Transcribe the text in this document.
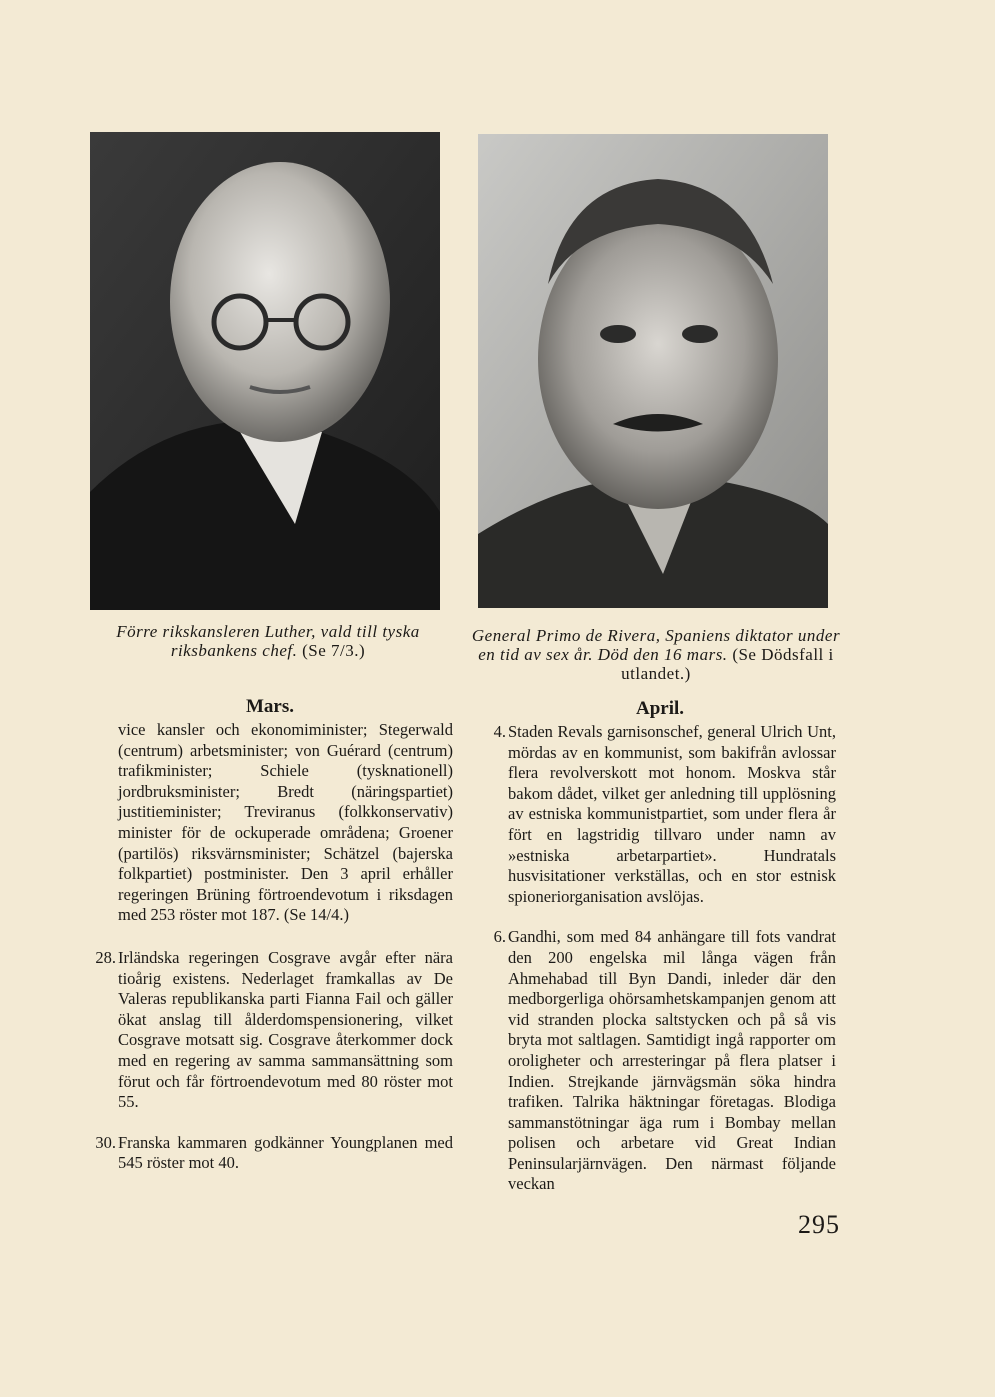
Förre rikskansleren Luther, vald till tyska riksbankens chef. (Se 7/3.)
General Primo de Rivera, Spaniens diktator under en tid av sex år. Död den 16 mars. (Se Dödsfall i utlandet.)
Mars.	April.
vice kansler och ekonomiminister; Stegerwald (centrum) arbetsminister; von Guérard (centrum) trafikminister; Schiele (tysknationell) jordbruksminister; Bredt (näringspartiet) justitieminister; Treviranus (folkkonservativ) minister för de ockuperade områdena; Groener (partilös) riksvärnsminister; Schätzel (bajerska folkpartiet) postminister. Den 3 april erhåller regeringen Brüning förtroendevotum i riksdagen med 253 röster mot 187. (Se 14/4.)
28. Irländska regeringen Cosgrave avgår efter nära tioårig existens. Nederlaget framkallas av De Valeras republikanska parti Fianna Fail och gäller ökat anslag till ålderdomspensionering, vilket Cosgrave motsatt sig. Cosgrave återkommer dock med en regering av samma sammansättning som förut och får förtroendevotum med 80 röster mot 55.
30. Franska kammaren godkänner Youngplanen med 545 röster mot 40.
4. Staden Revals garnisonschef, general Ulrich Unt, mördas av en kommunist, som bakifrån avlossar flera revolverskott mot honom. Moskva står bakom dådet, vilket ger anledning till upplösning av estniska kommunistpartiet, som under flera år fört en lagstridig tillvaro under namn av »estniska arbetarpartiet». Hundratals husvisitationer verkställas, och en stor estnisk spioneriorganisation avslöjas.
6. Gandhi, som med 84 anhängare till fots vandrat den 200 engelska mil långa vägen från Ahmehabad till Byn Dandi, inleder där den medborgerliga ohörsamhetskampanjen genom att vid stranden plocka saltstycken och på så vis bryta mot saltlagen. Samtidigt ingå rapporter om oroligheter och arresteringar på flera platser i Indien. Strejkande järnvägsmän söka hindra trafiken. Talrika häktningar företagas. Blodiga sammanstötningar äga rum i Bombay mellan polisen och arbetare vid Great Indian Peninsularjärnvägen. Den närmast följande veckan
295
